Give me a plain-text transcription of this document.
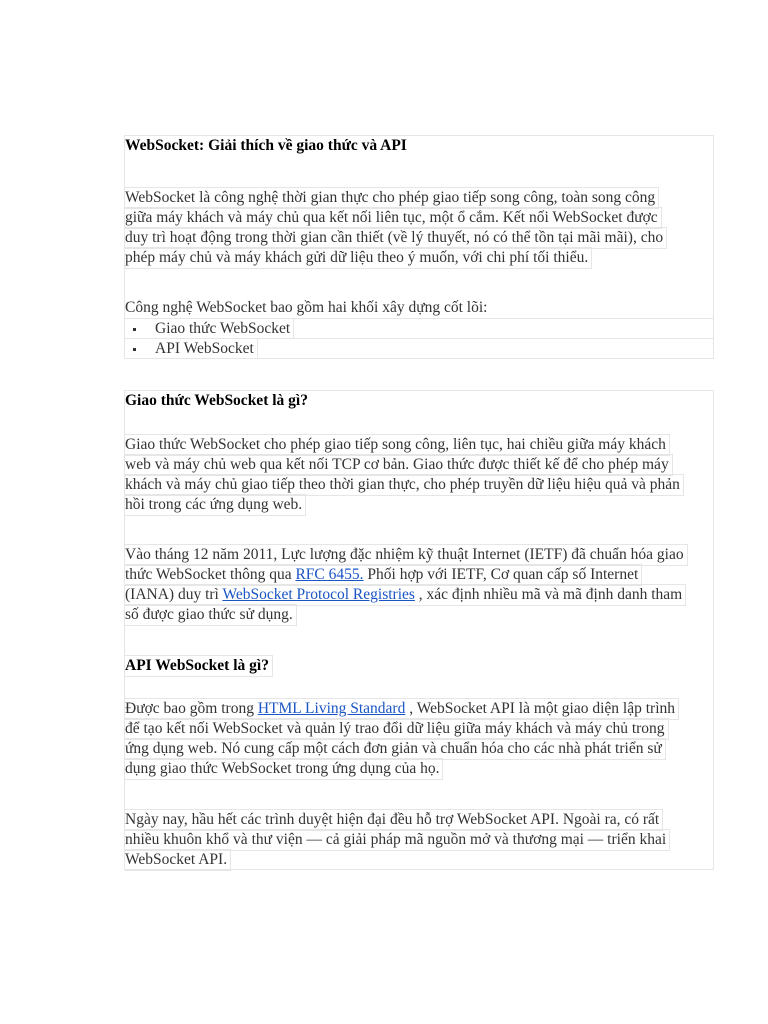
WebSocket: Giải thích về giao thức và API
WebSocket là công nghệ thời gian thực cho phép giao tiếp song công, toàn song công
giữa máy khách và máy chủ qua kết nối liên tục, một ổ cắm. Kết nối WebSocket được
duy trì hoạt động trong thời gian cần thiết (về lý thuyết, nó có thể tồn tại mãi mãi), cho
phép máy chủ và máy khách gửi dữ liệu theo ý muốn, với chi phí tối thiểu.
Công nghệ WebSocket bao gồm hai khối xây dựng cốt lõi:
Giao thức WebSocket
API WebSocket
Giao thức WebSocket là gì?
Giao thức WebSocket cho phép giao tiếp song công, liên tục, hai chiều giữa máy khách
web và máy chủ web qua kết nối TCP cơ bản. Giao thức được thiết kế để cho phép máy
khách và máy chủ giao tiếp theo thời gian thực, cho phép truyền dữ liệu hiệu quả và phản
hồi trong các ứng dụng web.
Vào tháng 12 năm 2011, Lực lượng đặc nhiệm kỹ thuật Internet (IETF) đã chuẩn hóa giao
thức WebSocket thông qua RFC 6455. Phối hợp với IETF, Cơ quan cấp số Internet
(IANA) duy trì WebSocket Protocol Registries , xác định nhiều mã và mã định danh tham
số được giao thức sử dụng.
API WebSocket là gì?
Được bao gồm trong HTML Living Standard , WebSocket API là một giao diện lập trình
để tạo kết nối WebSocket và quản lý trao đổi dữ liệu giữa máy khách và máy chủ trong
ứng dụng web. Nó cung cấp một cách đơn giản và chuẩn hóa cho các nhà phát triển sử
dụng giao thức WebSocket trong ứng dụng của họ.
Ngày nay, hầu hết các trình duyệt hiện đại đều hỗ trợ WebSocket API. Ngoài ra, có rất
nhiều khuôn khổ và thư viện — cả giải pháp mã nguồn mở và thương mại — triển khai
WebSocket API.
